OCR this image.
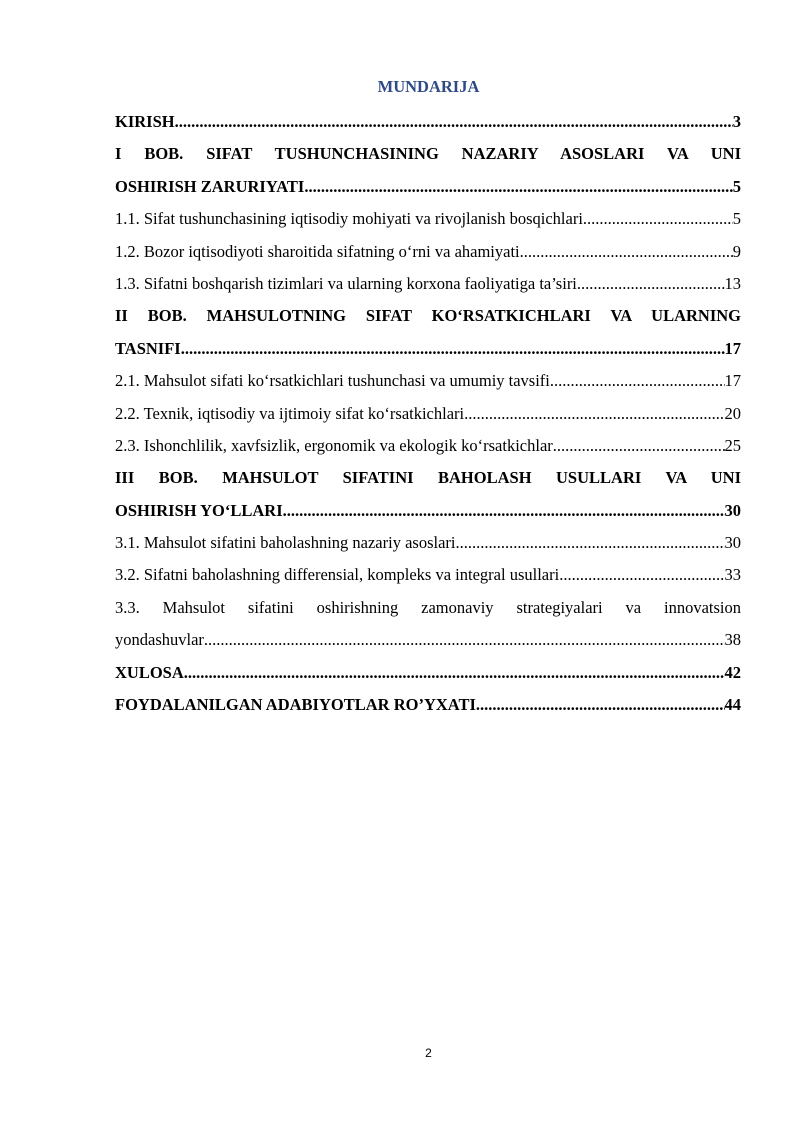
MUNDARIJA
KIRISH .....	3
I BOB. SIFAT TUSHUNCHASINING NAZARIY ASOSLARI VA UNI
OSHIRISH ZARURIYATI .....	5
1.1. Sifat tushunchasining iqtisodiy mohiyati va rivojlanish bosqichlari .....	5
1.2. Bozor iqtisodiyoti sharoitida sifatning o‘rni va ahamiyati .....	9
1.3. Sifatni boshqarish tizimlari va ularning korxona faoliyatiga ta’siri .....	13
II BOB. MAHSULOTNING SIFAT KO‘RSATKICHLARI VA ULARNING
TASNIFI .....	17
2.1. Mahsulot sifati ko‘rsatkichlari tushunchasi va umumiy tavsifi .....	17
2.2. Texnik, iqtisodiy va ijtimoiy sifat ko‘rsatkichlari .....	20
2.3. Ishonchlilik, xavfsizlik, ergonomik va ekologik ko‘rsatkichlar .....	25
III BOB. MAHSULOT SIFATINI BAHOLASH USULLARI VA UNI
OSHIRISH YO‘LLARI .....	30
3.1. Mahsulot sifatini baholashning nazariy asoslari .....	30
3.2. Sifatni baholashning differensial, kompleks va integral usullari .....	33
3.3. Mahsulot sifatini oshirishning zamonaviy strategiyalari va innovatsion
yondashuvlar .....	38
XULOSA .....	42
FOYDALANILGAN ADABIYOTLAR RO’YXATI .....	44
2
